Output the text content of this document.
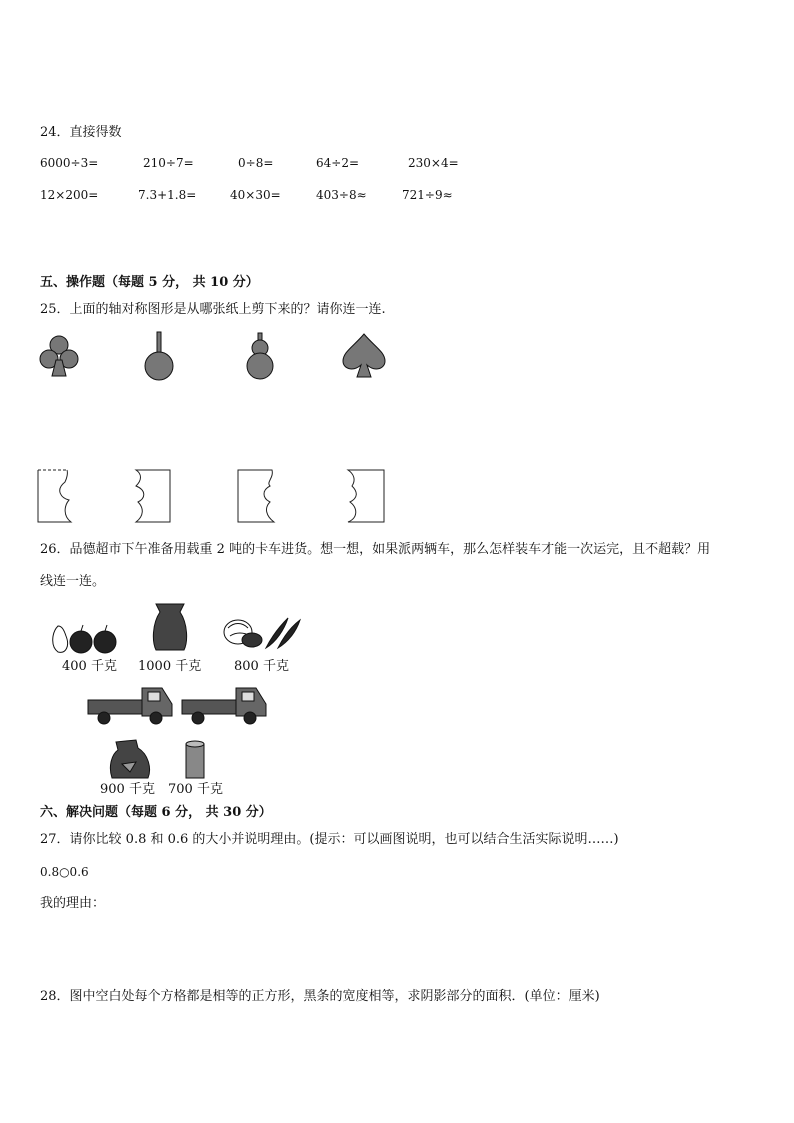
24．直接得数
6000÷3=	210÷7=	0÷8=	64÷2=	230×4=
12×200=	7.3+1.8=	40×30=	403÷8≈	721÷9≈
五、操作题（每题 5 分， 共 10 分）
25．上面的轴对称图形是从哪张纸上剪下来的？请你连一连.
26．品德超市下午准备用载重 2 吨的卡车进货。想一想，如果派两辆车，那么怎样装车才能一次运完，且不超载？用
线连一连。
400 千克 1000 千克	800 千克
900 千克 700 千克
六、解决问题（每题 6 分， 共 30 分）
27．请你比较 0.8 和 0.6 的大小并说明理由。(提示：可以画图说明，也可以结合生活实际说明……)
0.8○0.6
我的理由：
28．图中空白处每个方格都是相等的正方形，黑条的宽度相等，求阴影部分的面积．(单位：厘米)
